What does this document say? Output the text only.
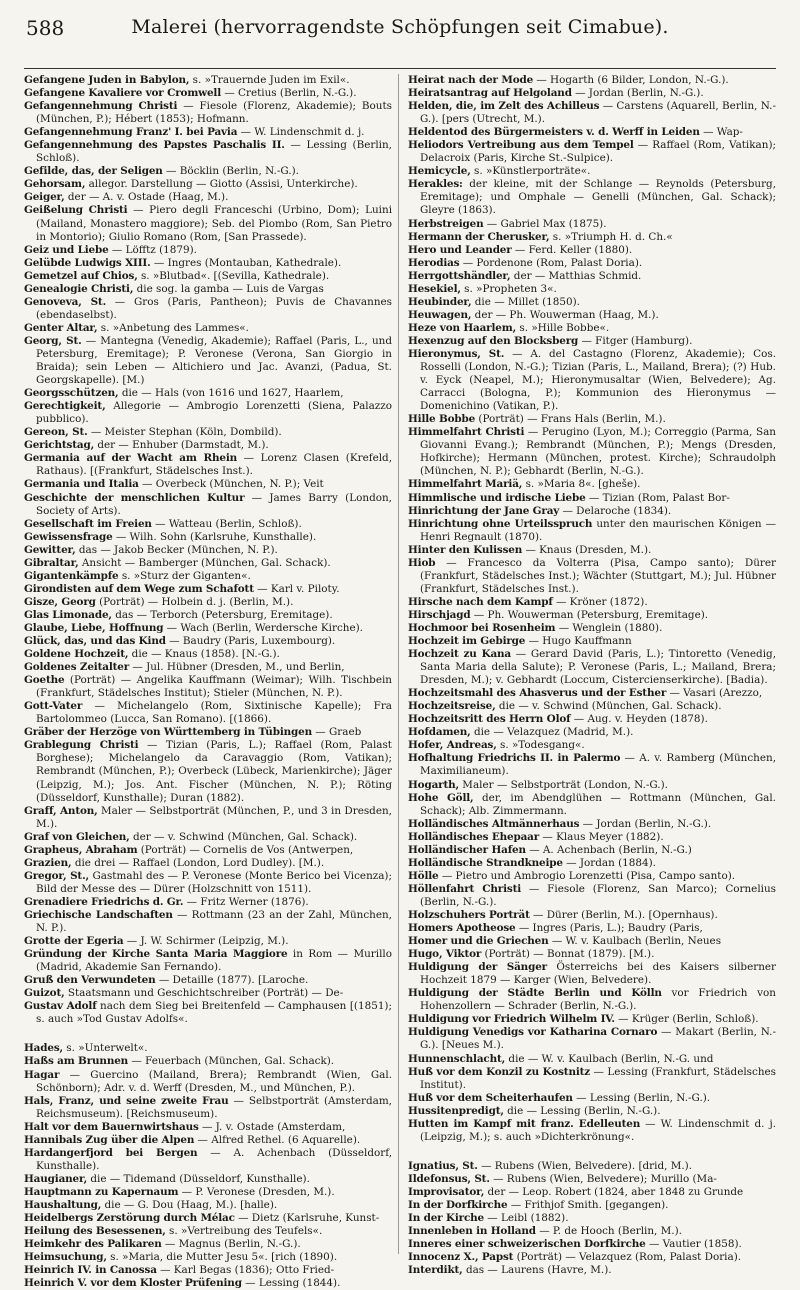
588	Malerei (hervorragendste Schöpfungen seit Cimabue).

Gefangene Juden in Babylon, s. »Trauernde Juden im Exil«.

Gefangene Kavaliere vor Cromwell — Cretius (Berlin, N.-G.).

Gefangennehmung Christi — Fiesole (Florenz, Akademie); Bouts (München, P.); Hébert (1853); Hofmann.

Gefangennehmung Franz' I. bei Pavia — W. Lindenschmit d. j.

Gefangennehmung des Papstes Paschalis II. — Lessing (Berlin, Schloß).

Gefilde, das, der Seligen — Böcklin (Berlin, N.-G.).

Gehorsam, allegor. Darstellung — Giotto (Assisi, Unterkirche).

Geiger, der — A. v. Ostade (Haag, M.).

Geißelung Christi — Piero degli Franceschi (Urbino, Dom); Luini (Mailand, Monastero maggiore); Seb. del Piombo (Rom, San Pietro in Montorio); Giulio Romano (Rom, [San Prassede).

Geiz und Liebe — Löfftz (1879).

Gelübde Ludwigs XIII. — Ingres (Montauban, Kathedrale).

Gemetzel auf Chios, s. »Blutbad«. [(Sevilla, Kathedrale).

Genealogie Christi, die sog. la gamba — Luis de Vargas

Genoveva, St. — Gros (Paris, Pantheon); Puvis de Chavannes (ebendaselbst).

Genter Altar, s. »Anbetung des Lammes«.

Georg, St. — Mantegna (Venedig, Akademie); Raffael (Paris, L., und Petersburg, Eremitage); P. Veronese (Verona, San Giorgio in Braida); sein Leben — Altichiero und Jac. Avanzi, (Padua, St. Georgskapelle). [M.)

Georgsschützen, die — Hals (von 1616 und 1627, Haarlem,

Gerechtigkeit, Allegorie — Ambrogio Lorenzetti (Siena, Palazzo pubblico).

Gereon, St. — Meister Stephan (Köln, Dombild).

Gerichtstag, der — Enhuber (Darmstadt, M.).

Germania auf der Wacht am Rhein — Lorenz Clasen (Krefeld, Rathaus). [(Frankfurt, Städelsches Inst.).

Germania und Italia — Overbeck (München, N. P.); Veit

Geschichte der menschlichen Kultur — James Barry (London, Society of Arts).

Gesellschaft im Freien — Watteau (Berlin, Schloß).

Gewissensfrage — Wilh. Sohn (Karlsruhe, Kunsthalle).

Gewitter, das — Jakob Becker (München, N. P.).

Gibraltar, Ansicht — Bamberger (München, Gal. Schack).

Gigantenkämpfe s. »Sturz der Giganten«.

Girondisten auf dem Wege zum Schafott — Karl v. Piloty.

Gisze, Georg (Porträt) — Holbein d. j. (Berlin, M.).

Glas Limonade, das — Terborch (Petersburg, Eremitage).

Glaube, Liebe, Hoffnung — Wach (Berlin, Werdersche Kirche).

Glück, das, und das Kind — Baudry (Paris, Luxembourg).

Goldene Hochzeit, die — Knaus (1858). [N.-G.).

Goldenes Zeitalter — Jul. Hübner (Dresden, M., und Berlin,

Goethe (Porträt) — Angelika Kauffmann (Weimar); Wilh. Tischbein (Frankfurt, Städelsches Institut); Stieler (München, N. P.).

Gott-Vater — Michelangelo (Rom, Sixtinische Kapelle); Fra Bartolommeo (Lucca, San Romano). [(1866).

Gräber der Herzöge von Württemberg in Tübingen — Graeb

Grablegung Christi — Tizian (Paris, L.); Raffael (Rom, Palast Borghese); Michelangelo da Caravaggio (Rom, Vatikan); Rembrandt (München, P.); Overbeck (Lübeck, Marienkirche); Jäger (Leipzig, M.); Jos. Ant. Fischer (München, N. P.); Röting (Düsseldorf, Kunsthalle); Duran (1882).

Graff, Anton, Maler — Selbstporträt (München, P., und 3 in Dresden, M.).

Graf von Gleichen, der — v. Schwind (München, Gal. Schack).

Grapheus, Abraham (Porträt) — Cornelis de Vos (Antwerpen,

Grazien, die drei — Raffael (London, Lord Dudley). [M.).

Gregor, St., Gastmahl des — P. Veronese (Monte Berico bei Vicenza); Bild der Messe des — Dürer (Holzschnitt von 1511).

Grenadiere Friedrichs d. Gr. — Fritz Werner (1876).

Griechische Landschaften — Rottmann (23 an der Zahl, München, N. P.).

Grotte der Egeria — J. W. Schirmer (Leipzig, M.).

Gründung der Kirche Santa Maria Maggiore in Rom — Murillo (Madrid, Akademie San Fernando).

Gruß den Verwundeten — Detaille (1877). [Laroche.

Guizot, Staatsmann und Geschichtschreiber (Porträt) — De-

Gustav Adolf nach dem Sieg bei Breitenfeld — Camphausen [(1851); s. auch »Tod Gustav Adolfs«.

Hades, s. »Unterwelt«.

Haßs am Brunnen — Feuerbach (München, Gal. Schack).

Hagar — Guercino (Mailand, Brera); Rembrandt (Wien, Gal. Schönborn); Adr. v. d. Werff (Dresden, M., und München, P.).

Hals, Franz, und seine zweite Frau — Selbstporträt (Amsterdam, Reichsmuseum). [Reichsmuseum).

Halt vor dem Bauernwirtshaus — J. v. Ostade (Amsterdam,

Hannibals Zug über die Alpen — Alfred Rethel. (6 Aquarelle).

Hardangerfjord bei Bergen — A. Achenbach (Düsseldorf, Kunsthalle).

Haugianer, die — Tidemand (Düsseldorf, Kunsthalle).

Hauptmann zu Kapernaum — P. Veronese (Dresden, M.).

Haushaltung, die — G. Dou (Haag, M.). [halle).

Heidelbergs Zerstörung durch Mélac — Dietz (Karlsruhe, Kunst-

Heilung des Besessenen, s. »Vertreibung des Teufels«.

Heimkehr des Palikaren — Magnus (Berlin, N.-G.).

Heimsuchung, s. »Maria, die Mutter Jesu 5«. [rich (1890).

Heinrich IV. in Canossa — Karl Begas (1836); Otto Fried-

Heinrich V. vor dem Kloster Prüfening — Lessing (1844).

Heirat nach der Mode — Hogarth (6 Bilder, London, N.-G.).

Heiratsantrag auf Helgoland — Jordan (Berlin, N.-G.).

Helden, die, im Zelt des Achilleus — Carstens (Aquarell, Berlin, N.-G.). [pers (Utrecht, M.).

Heldentod des Bürgermeisters v. d. Werff in Leiden — Wap-

Heliodors Vertreibung aus dem Tempel — Raffael (Rom, Vatikan); Delacroix (Paris, Kirche St.-Sulpice).

Hemicycle, s. »Künstlerporträte«.

Herakles: der kleine, mit der Schlange — Reynolds (Petersburg, Eremitage); und Omphale — Genelli (München, Gal. Schack); Gleyre (1863).

Herbstreigen — Gabriel Max (1875).

Hermann der Cherusker, s. »Triumph H. d. Ch.«

Hero und Leander — Ferd. Keller (1880).

Herodias — Pordenone (Rom, Palast Doria).

Herrgottshändler, der — Matthias Schmid.

Hesekiel, s. »Propheten 3«.

Heubinder, die — Millet (1850).

Heuwagen, der — Ph. Wouwerman (Haag, M.).

Heze von Haarlem, s. »Hille Bobbe«.

Hexenzug auf den Blocksberg — Fitger (Hamburg).

Hieronymus, St. — A. del Castagno (Florenz, Akademie); Cos. Rosselli (London, N.-G.); Tizian (Paris, L., Mailand, Brera); (?) Hub. v. Eyck (Neapel, M.); Hieronymusaltar (Wien, Belvedere); Ag. Carracci (Bologna, P.); Kommunion des Hieronymus — Domenichino (Vatikan, P.).

Hille Bobbe (Porträt) — Frans Hals (Berlin, M.).

Himmelfahrt Christi — Perugino (Lyon, M.); Correggio (Parma, San Giovanni Evang.); Rembrandt (München, P.); Mengs (Dresden, Hofkirche); Hermann (München, protest. Kirche); Schraudolph (München, N. P.); Gebhardt (Berlin, N.-G.).

Himmelfahrt Mariä, s. »Maria 8«. [gheše).

Himmlische und irdische Liebe — Tizian (Rom, Palast Bor-

Hinrichtung der Jane Gray — Delaroche (1834).

Hinrichtung ohne Urteilsspruch unter den maurischen Königen — Henri Regnault (1870).

Hinter den Kulissen — Knaus (Dresden, M.).

Hiob — Francesco da Volterra (Pisa, Campo santo); Dürer (Frankfurt, Städelsches Inst.); Wächter (Stuttgart, M.); Jul. Hübner (Frankfurt, Städelsches Inst.).

Hirsche nach dem Kampf — Kröner (1872).

Hirschjagd — Ph. Wouwerman (Petersburg, Eremitage).

Hochmoor bei Rosenheim — Wenglein (1880).

Hochzeit im Gebirge — Hugo Kauffmann

Hochzeit zu Kana — Gerard David (Paris, L.); Tintoretto (Venedig, Santa Maria della Salute); P. Veronese (Paris, L.; Mailand, Brera; Dresden, M.); v. Gebhardt (Loccum, Cistercienserkirche). [Badia).

Hochzeitsmahl des Ahasverus und der Esther — Vasari (Arezzo,

Hochzeitsreise, die — v. Schwind (München, Gal. Schack).

Hochzeitsritt des Herrn Olof — Aug. v. Heyden (1878).

Hofdamen, die — Velazquez (Madrid, M.).

Hofer, Andreas, s. »Todesgang«.

Hofhaltung Friedrichs II. in Palermo — A. v. Ramberg (München, Maximilianeum).

Hogarth, Maler — Selbstporträt (London, N.-G.).

Hohe Göll, der, im Abendglühen — Rottmann (München, Gal. Schack); Alb. Zimmermann.

Holländisches Altmännerhaus — Jordan (Berlin, N.-G.).

Holländisches Ehepaar — Klaus Meyer (1882).

Holländischer Hafen — A. Achenbach (Berlin, N.-G.)

Holländische Strandkneipe — Jordan (1884).

Hölle — Pietro und Ambrogio Lorenzetti (Pisa, Campo santo).

Höllenfahrt Christi — Fiesole (Florenz, San Marco); Cornelius (Berlin, N.-G.).

Holzschuhers Porträt — Dürer (Berlin, M.). [Opernhaus).

Homers Apotheose — Ingres (Paris, L.); Baudry (Paris,

Homer und die Griechen — W. v. Kaulbach (Berlin, Neues

Hugo, Viktor (Porträt) — Bonnat (1879). [M.).

Huldigung der Sänger Österreichs bei des Kaisers silberner Hochzeit 1879 — Karger (Wien, Belvedere).

Huldigung der Städte Berlin und Kölln vor Friedrich von Hohenzollern — Schrader (Berlin, N.-G.).

Huldigung vor Friedrich Wilhelm IV. — Krüger (Berlin, Schloß).

Huldigung Venedigs vor Katharina Cornaro — Makart (Berlin, N.-G.). [Neues M.).

Hunnenschlacht, die — W. v. Kaulbach (Berlin, N.-G. und

Huß vor dem Konzil zu Kostnitz — Lessing (Frankfurt, Städelsches Institut).

Huß vor dem Scheiterhaufen — Lessing (Berlin, N.-G.).

Hussitenpredigt, die — Lessing (Berlin, N.-G.).

Hutten im Kampf mit franz. Edelleuten — W. Lindenschmit d. j. (Leipzig, M.); s. auch »Dichterkrönung«.

Ignatius, St. — Rubens (Wien, Belvedere). [drid, M.).

Ildefonsus, St. — Rubens (Wien, Belvedere); Murillo (Ma-

Improvisator, der — Leop. Robert (1824, aber 1848 zu Grunde

In der Dorfkirche — Frithjof Smith. [gegangen).

In der Kirche — Leibl (1882).

Innenleben in Holland — P. de Hooch (Berlin, M.).

Inneres einer schweizerischen Dorfkirche — Vautier (1858).

Innocenz X., Papst (Porträt) — Velazquez (Rom, Palast Doria).

Interdikt, das — Laurens (Havre, M.).
